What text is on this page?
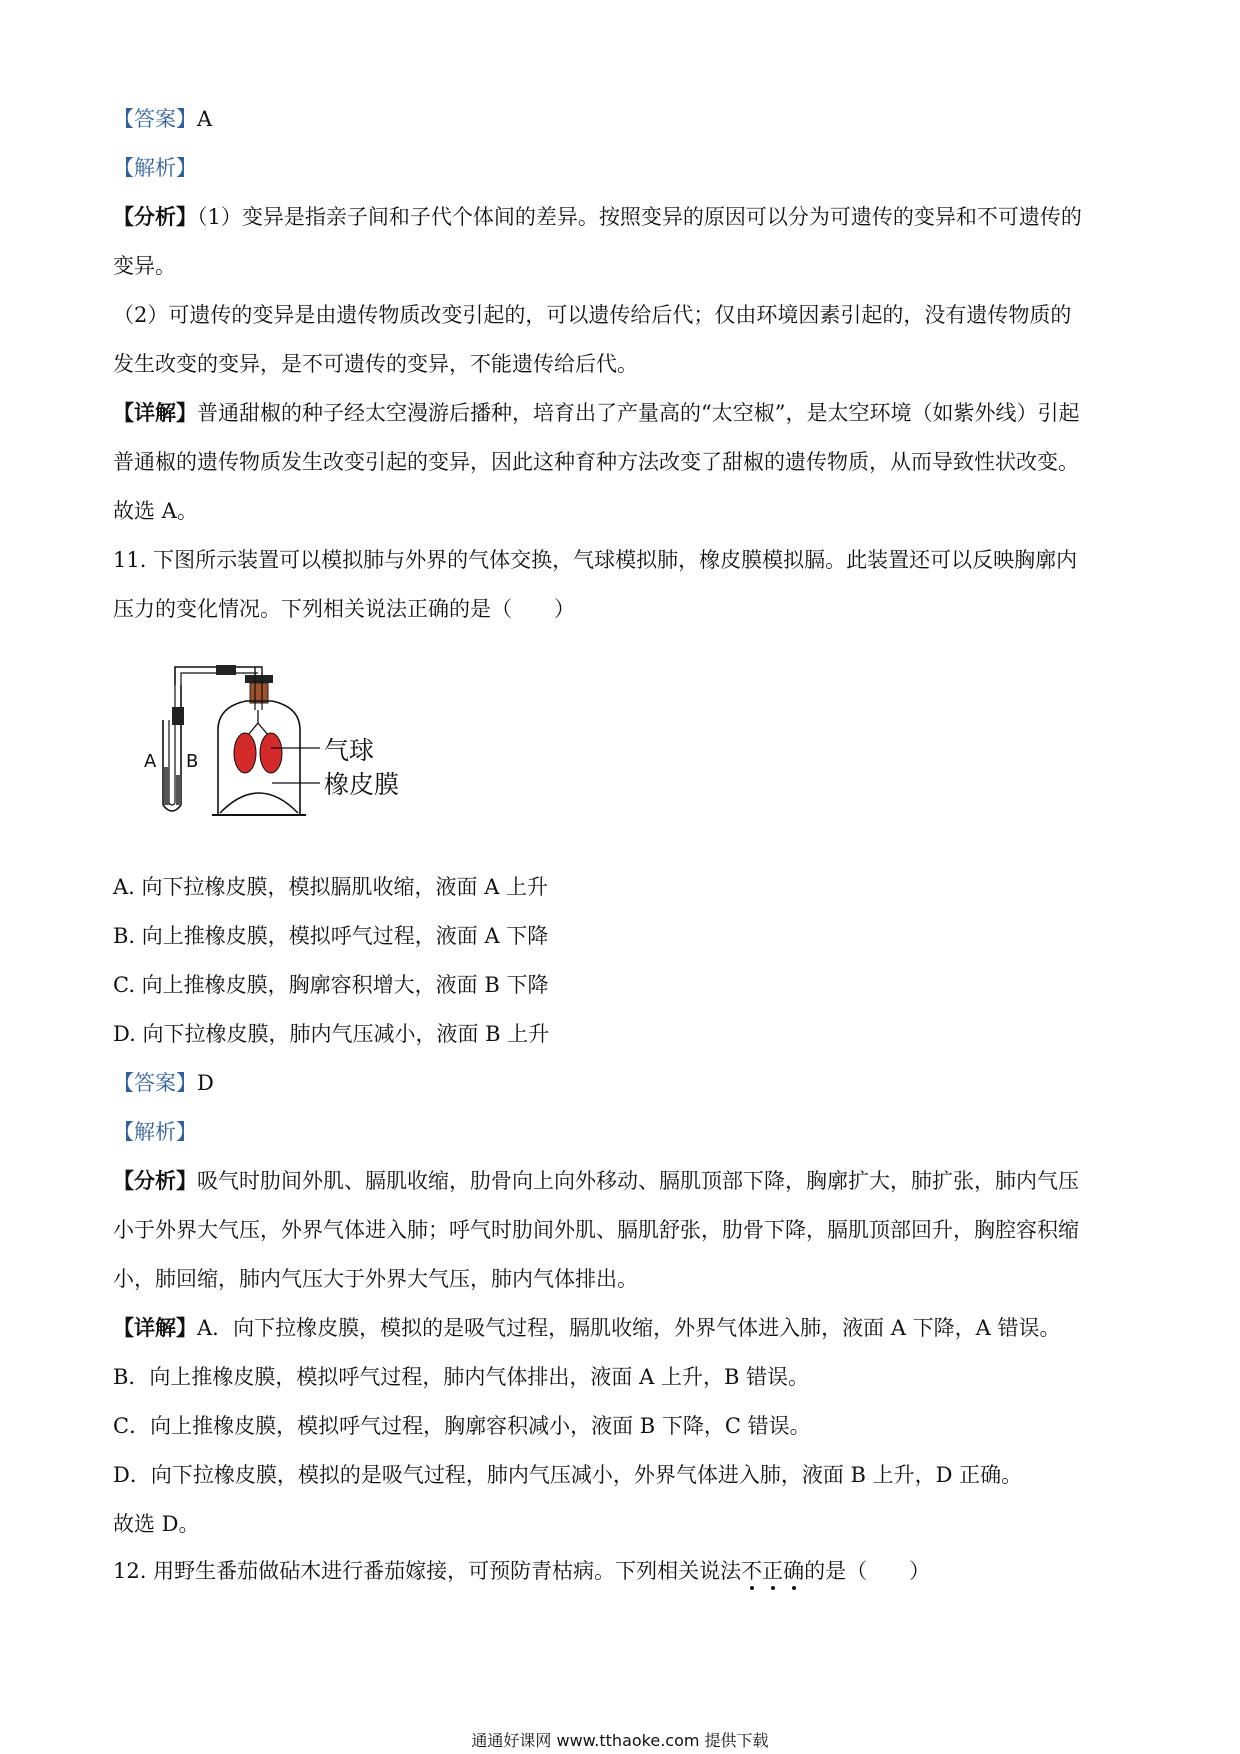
【答案】A
【解析】
【分析】（1）变异是指亲子间和子代个体间的差异。按照变异的原因可以分为可遗传的变异和不可遗传的
变异。
（2）可遗传的变异是由遗传物质改变引起的，可以遗传给后代；仅由环境因素引起的，没有遗传物质的
发生改变的变异，是不可遗传的变异，不能遗传给后代。
【详解】普通甜椒的种子经太空漫游后播种，培育出了产量高的“太空椒”，是太空环境（如紫外线）引起
普通椒的遗传物质发生改变引起的变异，因此这种育种方法改变了甜椒的遗传物质，从而导致性状改变。
故选 A。
11. 下图所示装置可以模拟肺与外界的气体交换，气球模拟肺，橡皮膜模拟膈。此装置还可以反映胸廓内
压力的变化情况。下列相关说法正确的是（　　）
A B	气球
橡皮膜
A. 向下拉橡皮膜，模拟膈肌收缩，液面 A 上升
B. 向上推橡皮膜，模拟呼气过程，液面 A 下降
C. 向上推橡皮膜，胸廓容积增大，液面 B 下降
D. 向下拉橡皮膜，肺内气压减小，液面 B 上升
【答案】D
【解析】
【分析】吸气时肋间外肌、膈肌收缩，肋骨向上向外移动、膈肌顶部下降，胸廓扩大，肺扩张，肺内气压
小于外界大气压，外界气体进入肺；呼气时肋间外肌、膈肌舒张，肋骨下降，膈肌顶部回升，胸腔容积缩
小，肺回缩，肺内气压大于外界大气压，肺内气体排出。
【详解】A．向下拉橡皮膜，模拟的是吸气过程，膈肌收缩，外界气体进入肺，液面 A 下降，A 错误。
B．向上推橡皮膜，模拟呼气过程，肺内气体排出，液面 A 上升，B 错误。
C．向上推橡皮膜，模拟呼气过程，胸廓容积减小，液面 B 下降，C 错误。
D．向下拉橡皮膜，模拟的是吸气过程，肺内气压减小，外界气体进入肺，液面 B 上升，D 正确。
故选 D。
12. 用野生番茄做砧木进行番茄嫁接，可预防青枯病。下列相关说法不正确的是（　　）
通通好课网 www.tthaoke.com 提供下载
